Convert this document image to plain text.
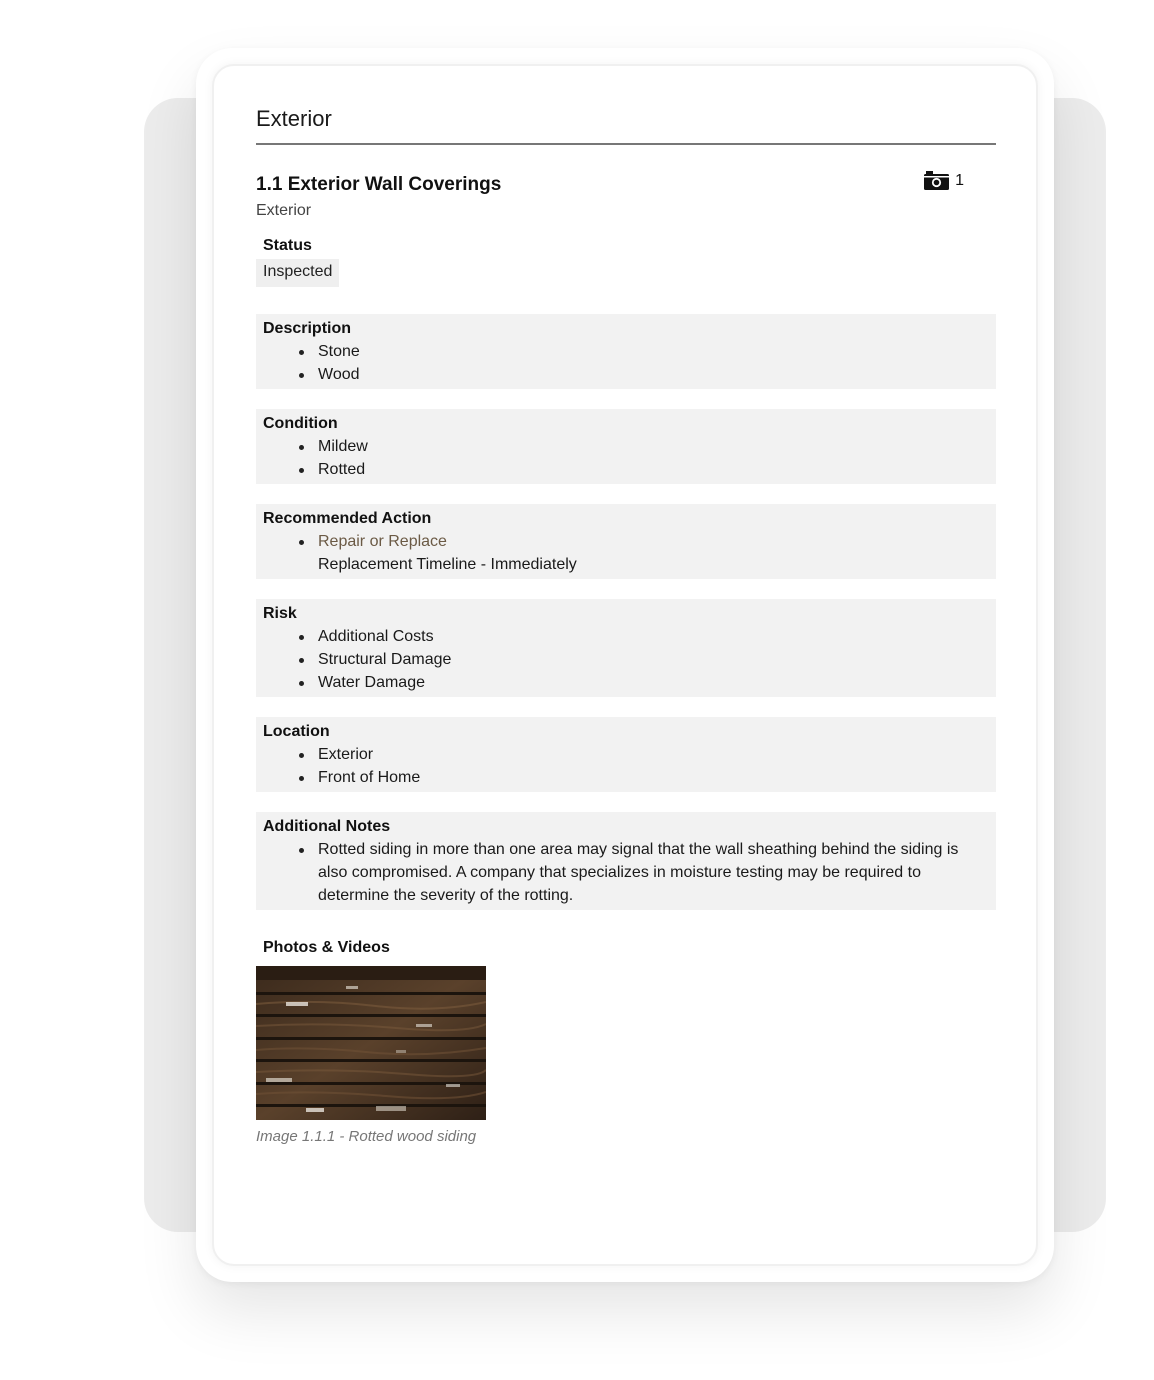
Exterior
1.1 Exterior Wall Coverings
Exterior
1
Status
Inspected
Description
Stone
Wood
Condition
Mildew
Rotted
Recommended Action
Repair or Replace
Replacement Timeline - Immediately
Risk
Additional Costs
Structural Damage
Water Damage
Location
Exterior
Front of Home
Additional Notes
Rotted siding in more than one area may signal that the wall sheathing behind the siding is also compromised. A company that specializes in moisture testing may be required to determine the severity of the rotting.
Photos & Videos
Image 1.1.1 - Rotted wood siding
